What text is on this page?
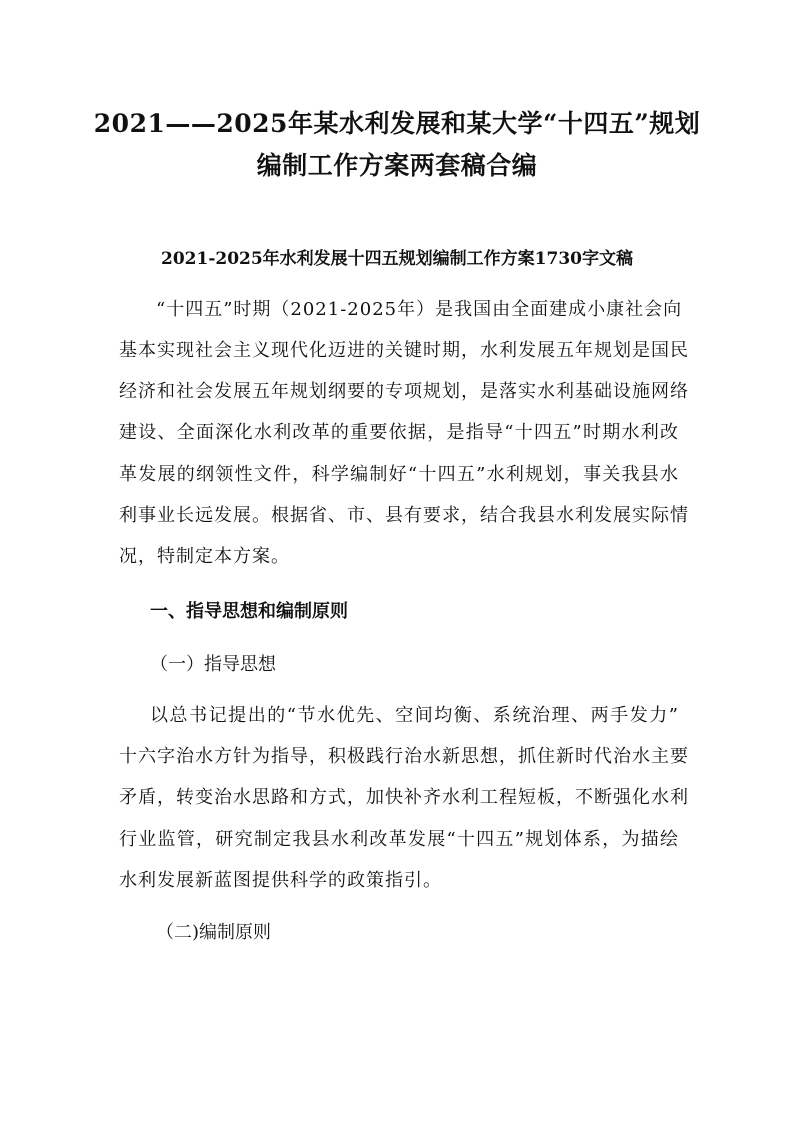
2021——2025年某水利发展和某大学“十四五”规划
编制工作方案两套稿合编
2021-2025年水利发展十四五规划编制工作方案1730字文稿
“十四五”时期（2021-2025年）是我国由全面建成小康社会向
基本实现社会主义现代化迈进的关键时期，水利发展五年规划是国民
经济和社会发展五年规划纲要的专项规划，是落实水利基础设施网络
建设、全面深化水利改革的重要依据，是指导“十四五”时期水利改
革发展的纲领性文件，科学编制好“十四五”水利规划，事关我县水
利事业长远发展。根据省、市、县有要求，结合我县水利发展实际情
况，特制定本方案。
一、指导思想和编制原则
（一）指导思想
以总书记提出的“节水优先、空间均衡、系统治理、两手发力”
十六字治水方针为指导，积极践行治水新思想，抓住新时代治水主要
矛盾，转变治水思路和方式，加快补齐水利工程短板，不断强化水利
行业监管，研究制定我县水利改革发展“十四五”规划体系，为描绘
水利发展新蓝图提供科学的政策指引。
（二)编制原则
